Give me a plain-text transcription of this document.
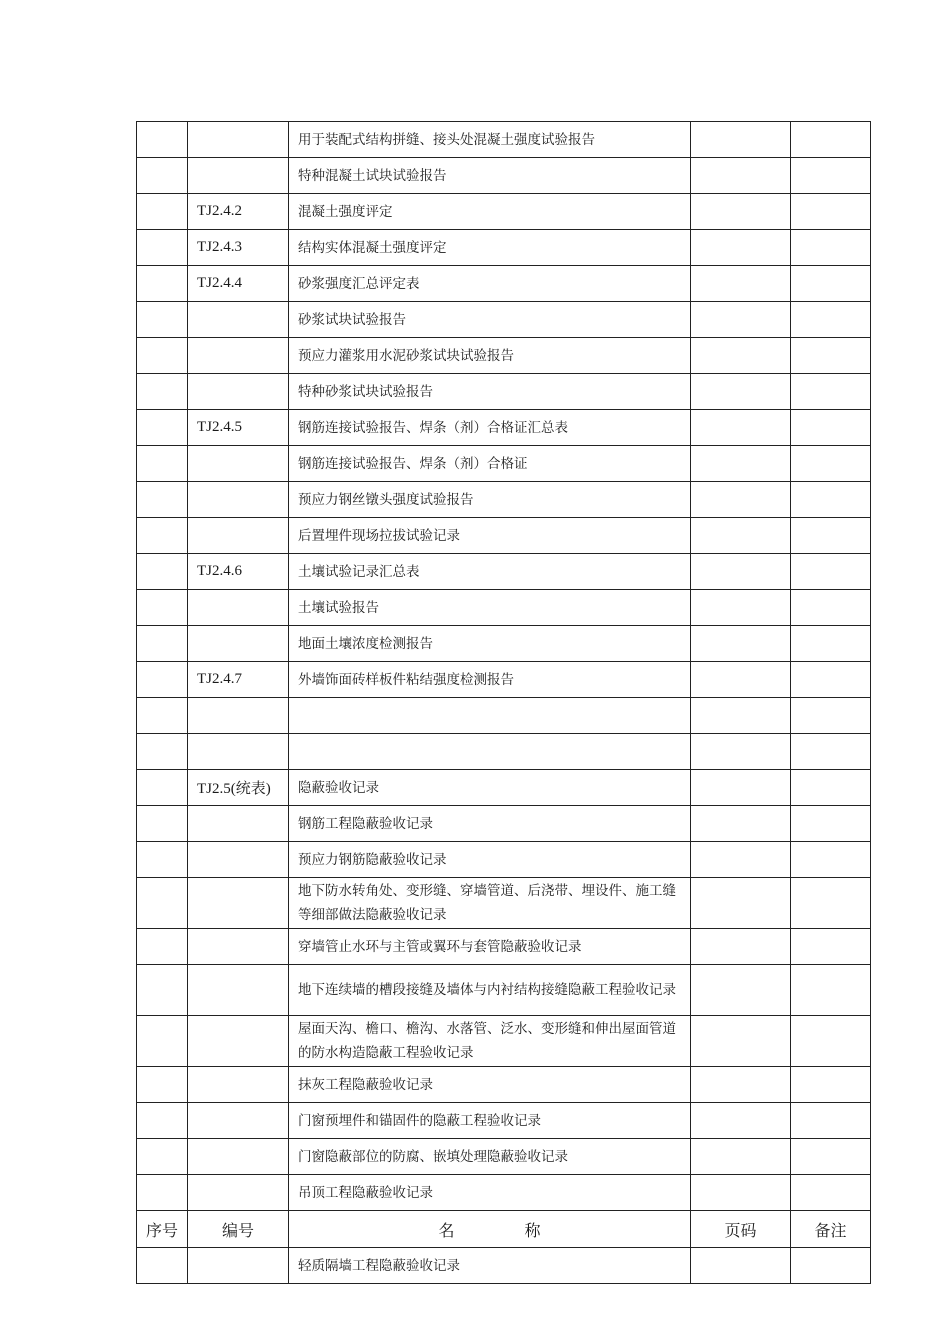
		用于装配式结构拼缝、接头处混凝土强度试验报告		
		特种混凝土试块试验报告		
	TJ2.4.2	混凝土强度评定		
	TJ2.4.3	结构实体混凝土强度评定		
	TJ2.4.4	砂浆强度汇总评定表		
		砂浆试块试验报告		
		预应力灌浆用水泥砂浆试块试验报告		
		特种砂浆试块试验报告		
	TJ2.4.5	钢筋连接试验报告、焊条（剂）合格证汇总表		
		钢筋连接试验报告、焊条（剂）合格证		
		预应力钢丝镦头强度试验报告		
		后置埋件现场拉拔试验记录		
	TJ2.4.6	土壤试验记录汇总表		
		土壤试验报告		
		地面土壤浓度检测报告		
	TJ2.4.7	外墙饰面砖样板件粘结强度检测报告		

	TJ2.5(统表)	隐蔽验收记录		
		钢筋工程隐蔽验收记录		
		预应力钢筋隐蔽验收记录		
		地下防水转角处、变形缝、穿墙管道、后浇带、埋设件、施工缝等细部做法隐蔽验收记录		
		穿墙管止水环与主管或翼环与套管隐蔽验收记录		
		地下连续墙的槽段接缝及墙体与内衬结构接缝隐蔽工程验收记录		
		屋面天沟、檐口、檐沟、水落管、泛水、变形缝和伸出屋面管道的防水构造隐蔽工程验收记录		
		抹灰工程隐蔽验收记录		
		门窗预埋件和锚固件的隐蔽工程验收记录		
		门窗隐蔽部位的防腐、嵌填处理隐蔽验收记录		
		吊顶工程隐蔽验收记录		
序号	编号	名 称	页码	备注
		轻质隔墙工程隐蔽验收记录		
